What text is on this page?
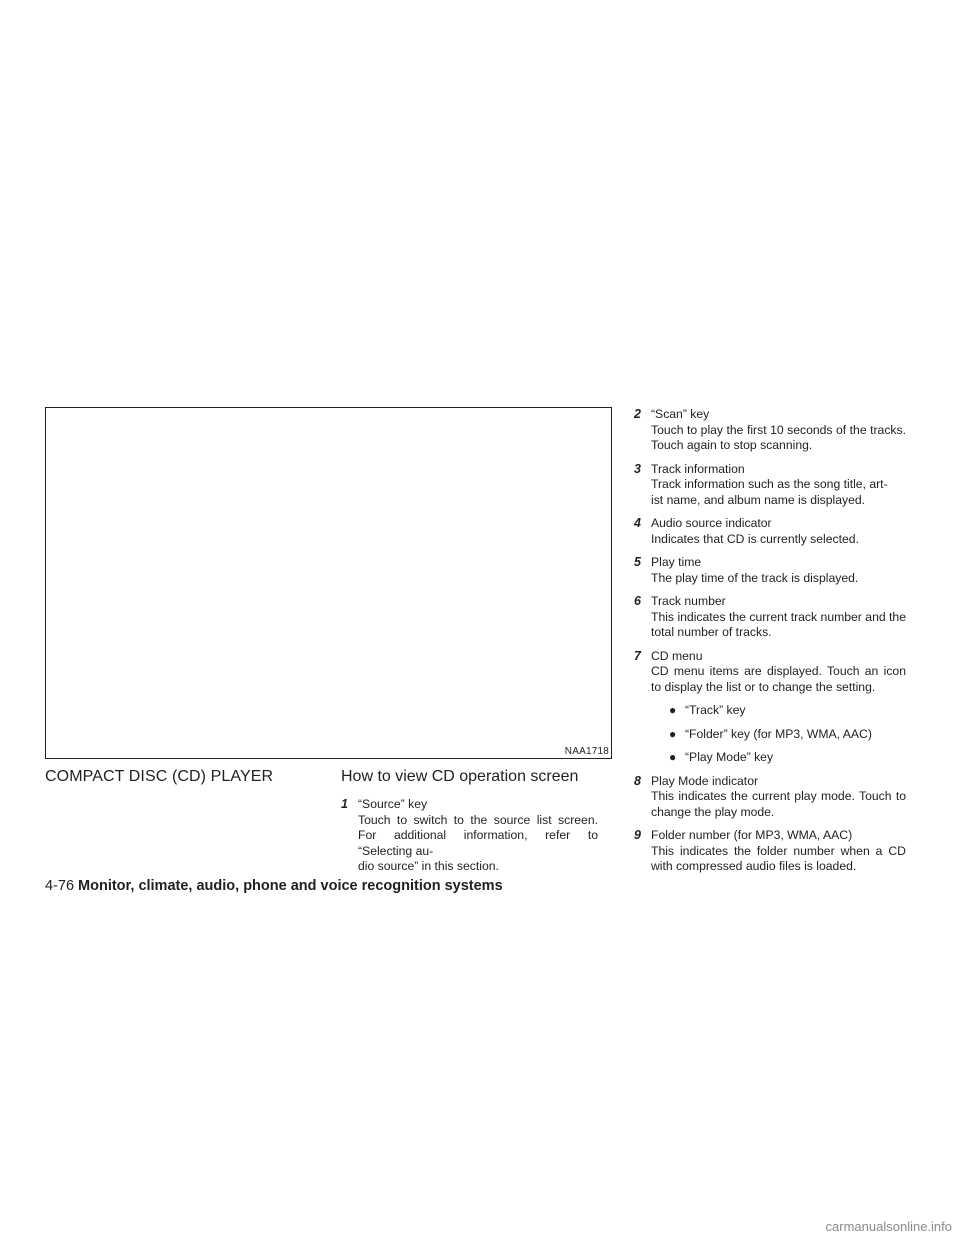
NAA1718
COMPACT DISC (CD) PLAYER	How to view CD operation screen
1 “Source” key
Touch to switch to the source list screen. For additional information, refer to “Selecting au-
dio source” in this section.
2 “Scan” key
Touch to play the first 10 seconds of the tracks. Touch again to stop scanning.
3 Track information
Track information such as the song title, art-
ist name, and album name is displayed.
4 Audio source indicator
Indicates that CD is currently selected.
5 Play time
The play time of the track is displayed.
6 Track number
This indicates the current track number and the total number of tracks.
7 CD menu
CD menu items are displayed. Touch an icon to display the list or to change the setting.
● “Track” key
● “Folder” key (for MP3, WMA, AAC)
● “Play Mode” key
8 Play Mode indicator
This indicates the current play mode. Touch to change the play mode.
9 Folder number (for MP3, WMA, AAC)
This indicates the folder number when a CD with compressed audio files is loaded.
4-76 Monitor, climate, audio, phone and voice recognition systems
carmanualsonline.info
